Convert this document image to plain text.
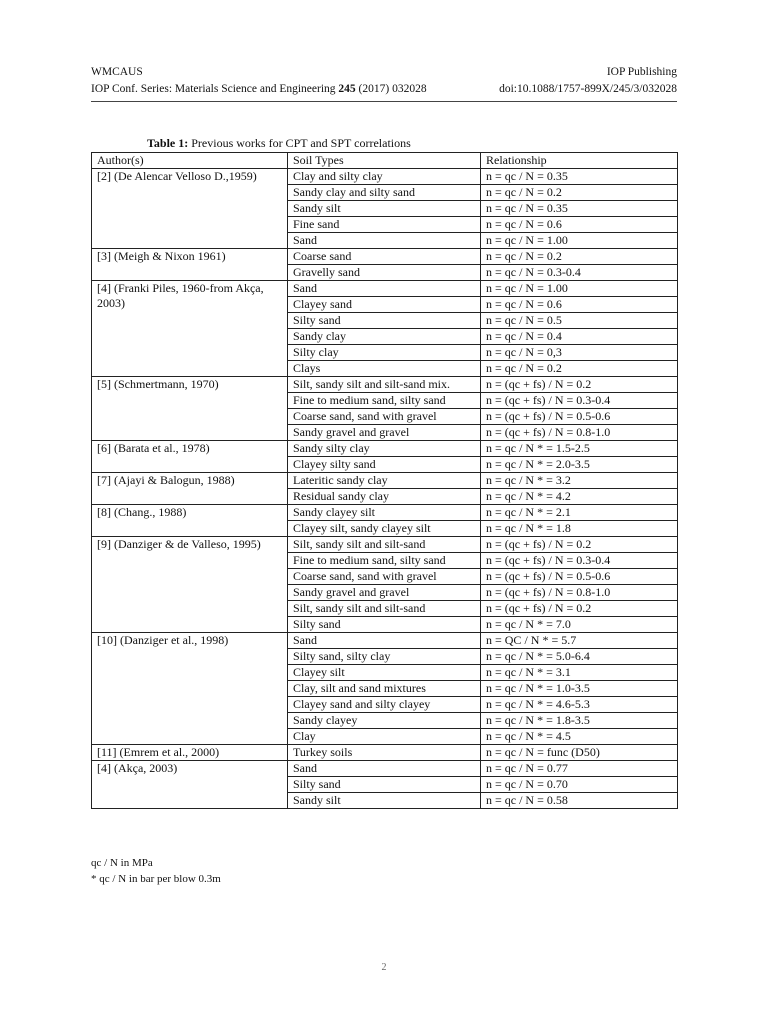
WMCAUS	IOP Publishing
IOP Conf. Series: Materials Science and Engineering 245 (2017) 032028	doi:10.1088/1757-899X/245/3/032028
Table 1: Previous works for CPT and SPT correlations
Author(s)	Soil Types	Relationship
[2] (De Alencar Velloso D.,1959)	Clay and silty clay	n = qc / N = 0.35
	Sandy clay and silty sand	n = qc / N = 0.2
	Sandy silt	n = qc / N = 0.35
	Fine sand	n = qc / N = 0.6
	Sand	n = qc / N = 1.00
[3] (Meigh & Nixon 1961)	Coarse sand	n = qc / N = 0.2
	Gravelly sand	n = qc / N = 0.3-0.4
[4] (Franki Piles, 1960-from Akça, 2003)	Sand	n = qc / N = 1.00
	Clayey sand	n = qc / N = 0.6
	Silty sand	n = qc / N = 0.5
	Sandy clay	n = qc / N = 0.4
	Silty clay	n = qc / N = 0,3
	Clays	n = qc / N = 0.2
[5] (Schmertmann, 1970)	Silt, sandy silt and silt-sand mix.	n = (qc + fs) / N = 0.2
	Fine to medium sand, silty sand	n = (qc + fs) / N = 0.3-0.4
	Coarse sand, sand with gravel	n = (qc + fs) / N = 0.5-0.6
	Sandy gravel and gravel	n = (qc + fs) / N = 0.8-1.0
[6] (Barata et al., 1978)	Sandy silty clay	n = qc / N * = 1.5-2.5
	Clayey silty sand	n = qc / N * = 2.0-3.5
[7] (Ajayi & Balogun, 1988)	Lateritic sandy clay	n = qc / N * = 3.2
	Residual sandy clay	n = qc / N * = 4.2
[8] (Chang., 1988)	Sandy clayey silt	n = qc / N * = 2.1
	Clayey silt, sandy clayey silt	n = qc / N * = 1.8
[9] (Danziger & de Valleso, 1995)	Silt, sandy silt and silt-sand	n = (qc + fs) / N = 0.2
	Fine to medium sand, silty sand	n = (qc + fs) / N = 0.3-0.4
	Coarse sand, sand with gravel	n = (qc + fs) / N = 0.5-0.6
	Sandy gravel and gravel	n = (qc + fs) / N = 0.8-1.0
	Silt, sandy silt and silt-sand	n = (qc + fs) / N = 0.2
	Silty sand	n = qc / N * = 7.0
[10] (Danziger et al., 1998)	Sand	n = QC / N * = 5.7
	Silty sand, silty clay	n = qc / N * = 5.0-6.4
	Clayey silt	n = qc / N * = 3.1
	Clay, silt and sand mixtures	n = qc / N * = 1.0-3.5
	Clayey sand and silty clayey	n = qc / N * = 4.6-5.3
	Sandy clayey	n = qc / N * = 1.8-3.5
	Clay	n = qc / N * = 4.5
[11] (Emrem et al., 2000)	Turkey soils	n = qc / N = func (D50)
[4] (Akça, 2003)	Sand	n = qc / N = 0.77
	Silty sand	n = qc / N = 0.70
	Sandy silt	n = qc / N = 0.58
qc / N in MPa
* qc / N in bar per blow 0.3m
2
